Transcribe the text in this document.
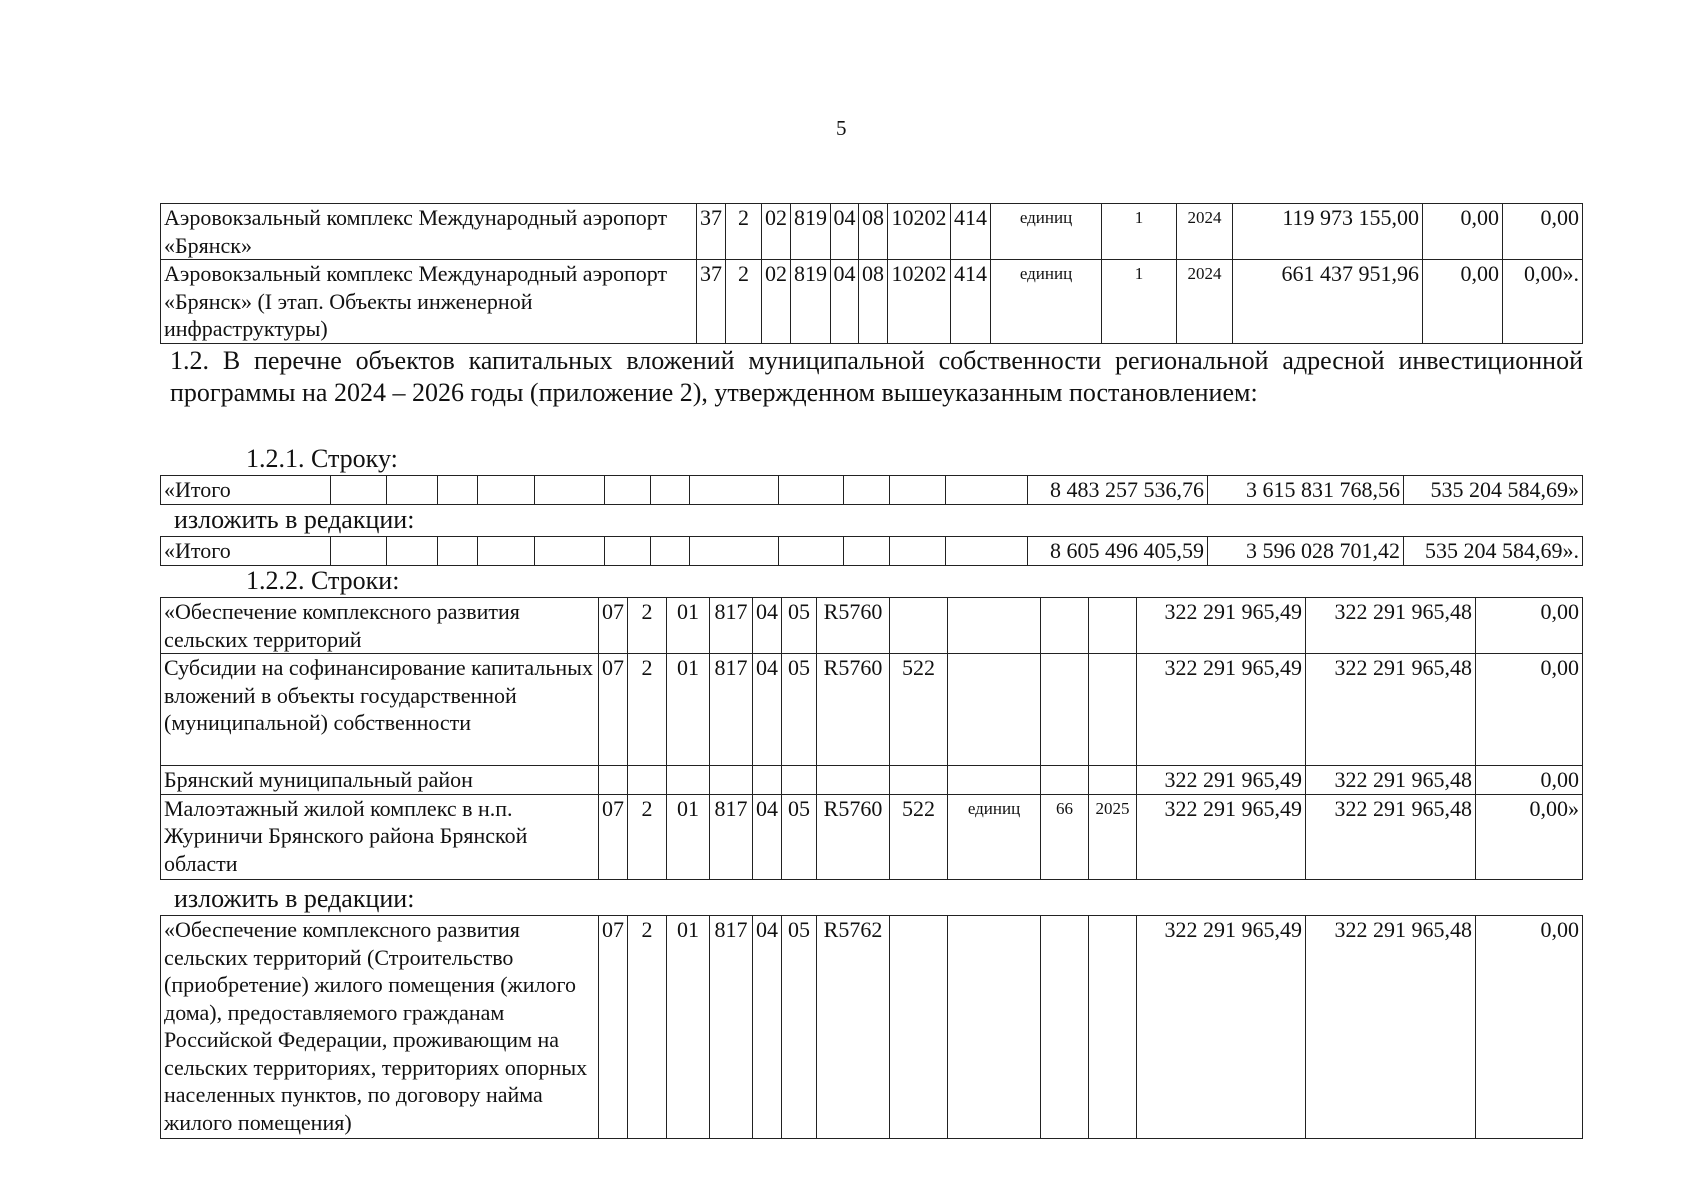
5
Аэровокзальный комплекс Международный аэропорт «Брянск»	37	2	02	819	04	08	10202	414	единиц	1	2024	119 973 155,00	0,00	0,00
Аэровокзальный комплекс Международный аэропорт «Брянск» (I этап. Объекты инженерной инфраструктуры)	37	2	02	819	04	08	10202	414	единиц	1	2024	661 437 951,96	0,00	0,00».
1.2. В перечне объектов капитальных вложений муниципальной собственности региональной адресной инвестиционной программы на 2024 – 2026 годы (приложение 2), утвержденном вышеуказанным постановлением:
1.2.1. Строку:
«Итого													8 483 257 536,76	3 615 831 768,56	535 204 584,69»
изложить в редакции:
«Итого													8 605 496 405,59	3 596 028 701,42	535 204 584,69».
1.2.2. Строки:
«Обеспечение комплексного развития сельских территорий	07	2	01	817	04	05	R5760					322 291 965,49	322 291 965,48	0,00
Субсидии на софинансирование капитальных вложений в объекты государственной (муниципальной) собственности	07	2	01	817	04	05	R5760	522				322 291 965,49	322 291 965,48	0,00
Брянский муниципальный район												322 291 965,49	322 291 965,48	0,00
Малоэтажный жилой комплекс в н.п. Журиничи Брянского района Брянской области	07	2	01	817	04	05	R5760	522	единиц	66	2025	322 291 965,49	322 291 965,48	0,00»
изложить в редакции:
«Обеспечение комплексного развития сельских территорий (Строительство (приобретение) жилого помещения (жилого дома), предоставляемого гражданам Российской Федерации, проживающим на сельских территориях, территориях опорных населенных пунктов, по договору найма жилого помещения)	07	2	01	817	04	05	R5762					322 291 965,49	322 291 965,48	0,00
